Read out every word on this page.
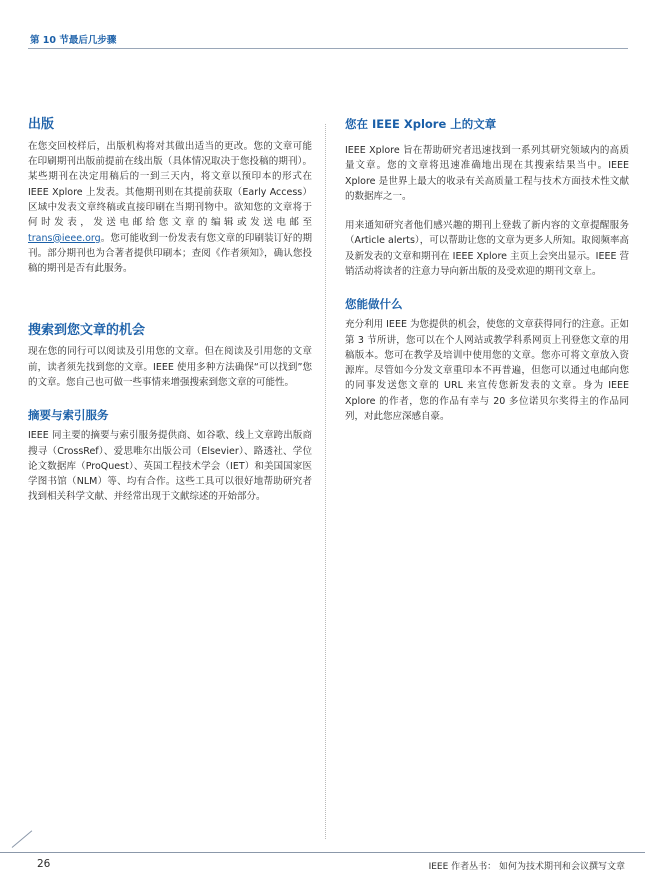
第 10 节最后几步骤
出版

在您交回校样后，出版机构将对其做出适当的更改。您的文章可能在印刷期刊出版前提前在线出版（具体情况取决于您投稿的期刊）。某些期刊在决定用稿后的一到三天内，将文章以预印本的形式在 IEEE Xplore 上发表。其他期刊则在其提前获取（Early Access）区域中发表文章终稿或直接印刷在当期刊物中。欲知您的文章将于何时发表，发送电邮给您文章的编辑或发送电邮至 trans@ieee.org。您可能收到一份发表有您文章的印刷装订好的期刊。部分期刊也为合著者提供印刷本；查阅《作者须知》，确认您投稿的期刊是否有此服务。

搜索到您文章的机会

现在您的同行可以阅读及引用您的文章。但在阅读及引用您的文章前，读者须先找到您的文章。IEEE 使用多种方法确保“可以找到”您的文章。您自己也可做一些事情来增强搜索到您文章的可能性。

摘要与索引服务

IEEE 同主要的摘要与索引服务提供商、如谷歌、线上文章跨出版商搜寻（CrossRef）、爱思唯尔出版公司（Elsevier）、路透社、学位论文数据库（ProQuest）、英国工程技术学会（IET）和美国国家医学图书馆（NLM）等、均有合作。这些工具可以很好地帮助研究者找到相关科学文献、并经常出现于文献综述的开始部分。

您在 IEEE Xplore 上的文章

IEEE Xplore 旨在帮助研究者迅速找到一系列其研究领域内的高质量文章。您的文章将迅速准确地出现在其搜索结果当中。IEEE Xplore 是世界上最大的收录有关高质量工程与技术方面技术性文献的数据库之一。

用来通知研究者他们感兴趣的期刊上登载了新内容的文章提醒服务（Article alerts），可以帮助让您的文章为更多人所知。取阅频率高及新发表的文章和期刊在 IEEE Xplore 主页上会突出显示。IEEE 营销活动将读者的注意力导向新出版的及受欢迎的期刊文章上。

您能做什么

充分利用 IEEE 为您提供的机会，使您的文章获得同行的注意。正如第 3 节所讲，您可以在个人网站或教学科系网页上刊登您文章的用稿版本。您可在教学及培训中使用您的文章。您亦可将文章放入资源库。尽管如今分发文章重印本不再普遍，但您可以通过电邮向您的同事发送您文章的 URL 来宣传您新发表的文章。身为 IEEE Xplore 的作者，您的作品有幸与 20 多位诺贝尔奖得主的作品同列，对此您应深感自豪。

26	IEEE 作者丛书： 如何为技术期刊和会议撰写文章
